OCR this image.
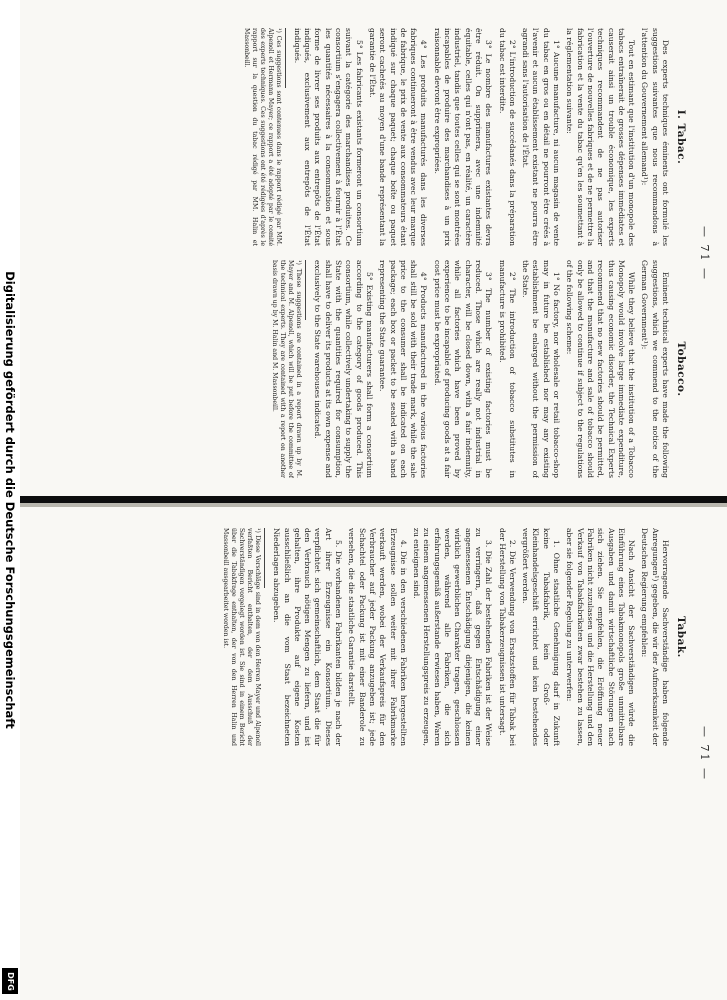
— 71 —
I. Tabac.

Des experts techniques éminents ont formulé les suggestions suivantes que nous recommandons à l'attention du Gouvernement allemand¹):

Tout en estimant que l'institution d'un monopole des tabacs entraînerait de grosses dépenses immédiates et causerait ainsi un trouble économique, les experts techniques recommandent de ne pas autoriser l'ouverture de nouvelles fabriques et de ne permettre la fabrication et la vente du tabac qu'en les soumettant à la réglementation suivante:

1° Aucune manufacture, ni aucun magasin de vente du tabac en gros ou en détail ne pourront être créés à l'avenir et aucun établissement existant ne pourra être agrandi sans l'autorisation de l'État.

2° L'introduction de succédanés dans la préparation du tabac est interdite.

3° Le nombre des manufactures existantes devra être réduit. On supprimera, avec une indemnité équitable, celles qui n'ont pas, en réalité, un caractère industriel, tandis que toutes celles qui se sont montrées incapables de produire des marchandises à un prix raisonnable devront être expropriées.

4° Les produits manufacturés dans les diverses fabriques continueront à être vendus avec leur marque de fabrique, le prix de vente aux consommateurs étant indiqué sur chaque paquet; chaque boîte ou paquet seront cachetés au moyen d'une bande représentant la garantie de l'État.

5° Les fabricants existants formeront un consortium suivant la catégorie des marchandises produites. Ce consortium s'engagera collectivement à fournir à l'État les quantités nécessaires à la consommation et sous forme de livrer ses produits aux entrepôts de l'État indiqués, exclusivement aux entrepôts de l'État indiqués.

¹) Ces suggestions sont contenues dans le rapport rédigé par MM. Alpenoll et Hermann Mayer; ce rapport a été adopté par le comité des experts techniques. Ces suggestions ont été rédigées d'après le rapport sur la question du tabac rédigé par MM. Halin et Massonbeill.

Tobacco.

Eminent technical experts have made the following suggestions, which we commend to the notice of the German Government¹):

While they believe that the institution of a Tobacco Monopoly would involve large immediate expenditure, thus causing economic disorder, the Technical Experts recommend that no new factories should be permitted, and that the manufacture and sale of tobacco should only be allowed to continue if subject to the regulations of the following scheme:

1° No factory, nor wholesale or retail tobacco-shop may in future be established nor may any existing establishment be enlarged without the permission of the State.

2° The introduction of tobacco substitutes in manufacture is prohibited.

3° The number of existing factories must be reduced. Those which are really not industrial in character, will be closed down, with a fair indemnity, while all factories which have been proved by experience to be incapable of producing goods at a fair cost price must be expropriated.

4° Products manufactured in the various factories shall still be sold with their trade mark, while the sale price to the consumer shall be indicated on each package; each box or packet to be sealed with a band representing the State guarantee.

5° Existing manufacturers shall form a consortium according to the category of goods produced. This consortium, while collectively undertaking to supply the State with the quantities required for consumption, shall have to deliver its products at its own expense and exclusively to the State warehouses indicated.

¹) These suggestions are contained in a report drawn up by M. Mayer and M. Alpenoll, which will be put before the committee of the technical experts. They are contained with a report on another basis drawn up by M. Halin and M. Massonbeill.

— 71 —
Tabak.

Hervorragende Sachverständige haben folgende Anregungen¹) gegeben, die wir der Aufmerksamkeit der Deutschen Regierung empfehlen:

Nach Ansicht der Sachverständigen würde die Einführung eines Tabakmonopols große unmittelbare Ausgaben und damit wirtschaftliche Störungen nach sich ziehen. Sie empfehlen, die Eröffnung neuer Fabriken nicht zuzulassen und die Herstellung und den Verkauf von Tabakfabrikaten zwar bestehen zu lassen, aber sie folgender Regelung zu unterwerfen:

1. Ohne staatliche Genehmigung darf in Zukunft keine Tabakfabrik, kein Groß- oder Kleinhandelsgeschäft errichtet und kein bestehendes vergrößert werden.

2. Die Verwendung von Ersatzstoffen für Tabak bei der Herstellung von Tabakerzeugnissen ist untersagt.

3. Die Zahl der bestehenden Fabriken ist der Weise zu verringern, daß gegen Entschädigung einer angemessenen Entschädigung diejenigen, die keinen wirklich gewerblichen Charakter tragen, geschlossen werden, während alle Fabriken, die sich erfahrungsgemäß außerstande erwiesen haben, Waren zu einem angemessenen Herstellungspreis zu erzeugen, zu enteignen sind.

4. Die in den verschiedenen Fabriken hergestellten Erzeugnisse sollen weiter mit ihrer Fabrikmarke verkauft werden, wobei der Verkaufspreis für den Verbraucher auf jeder Packung anzugeben ist; jede Schachtel oder Packung ist mit einer Banderole zu versehen, die die staatliche Garantie darstellt.

5. Die vorhandenen Fabrikanten bilden je nach der Art ihrer Erzeugnisse ein Konsortium. Dieses verpflichtet sich gemeinschaftlich, dem Staat die für den Verbrauch nötigen Mengen zu liefern, und ist gehalten, ihre Produkte auf eigene Kosten ausschließlich an die vom Staat bezeichneten Niederlagen abzugeben.

¹) Diese Vorschläge sind in dem von den Herren Mayer und Alpenoll verfaßten Bericht enthalten, der dem Ausschuß der Sachverständigen vorgelegt worden ist. Sie sind in einem Bericht über die Tabakfrage enthalten, der von den Herren Halin und Massonbeill ausgearbeitet worden ist.

Digitalisierung gefördert durch die Deutsche Forschungsgemeinschaft
DFG
